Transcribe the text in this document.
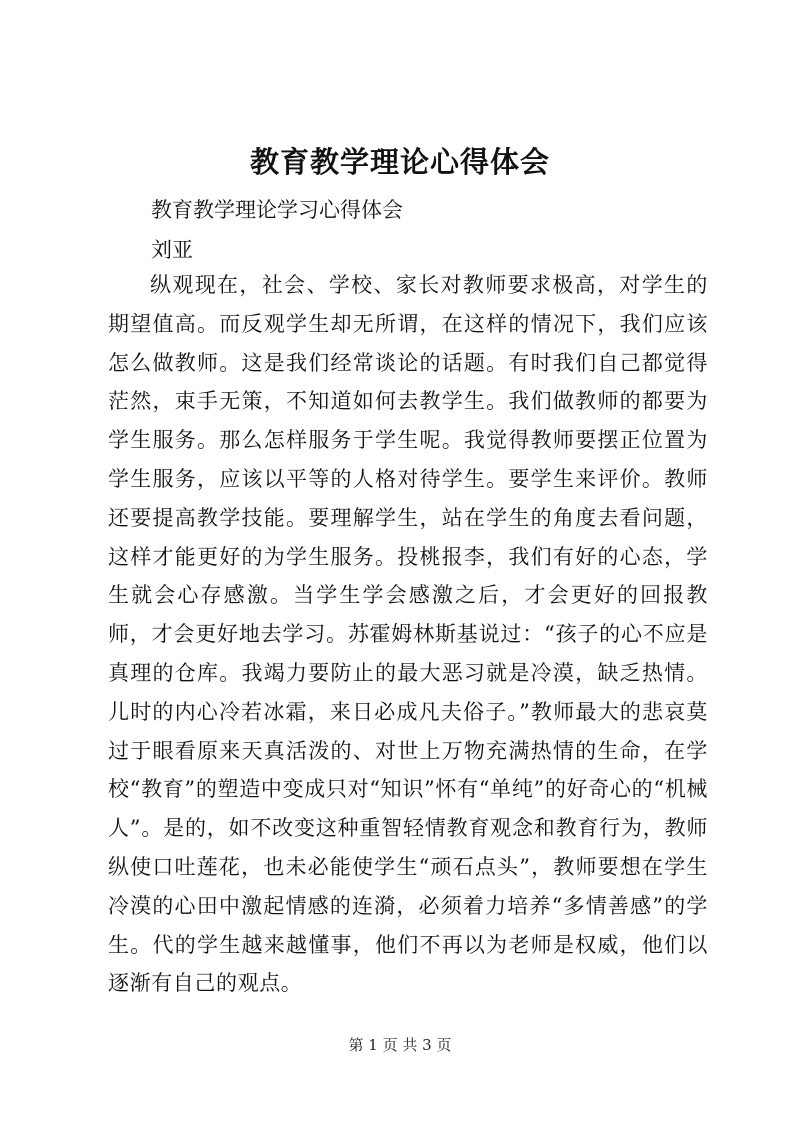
教育教学理论心得体会
教育教学理论学习心得体会
刘亚

纵观现在，社会、学校、家长对教师要求极高，对学生的期望值高。而反观学生却无所谓，在这样的情况下，我们应该怎么做教师。这是我们经常谈论的话题。有时我们自己都觉得茫然，束手无策，不知道如何去教学生。我们做教师的都要为学生服务。那么怎样服务于学生呢。我觉得教师要摆正位置为学生服务，应该以平等的人格对待学生。要学生来评价。教师还要提高教学技能。要理解学生，站在学生的角度去看问题，这样才能更好的为学生服务。投桃报李，我们有好的心态，学生就会心存感激。当学生学会感激之后，才会更好的回报教师，才会更好地去学习。苏霍姆林斯基说过：“孩子的心不应是真理的仓库。我竭力要防止的最大恶习就是冷漠，缺乏热情。儿时的内心冷若冰霜，来日必成凡夫俗子。”教师最大的悲哀莫过于眼看原来天真活泼的、对世上万物充满热情的生命，在学校“教育”的塑造中变成只对“知识”怀有“单纯”的好奇心的“机械人”。是的，如不改变这种重智轻情教育观念和教育行为，教师纵使口吐莲花，也未必能使学生“顽石点头”，教师要想在学生冷漠的心田中激起情感的连漪，必须着力培养“多情善感”的学生。代的学生越来越懂事，他们不再以为老师是权威，他们以逐渐有自己的观点。

第 1 页 共 3 页
